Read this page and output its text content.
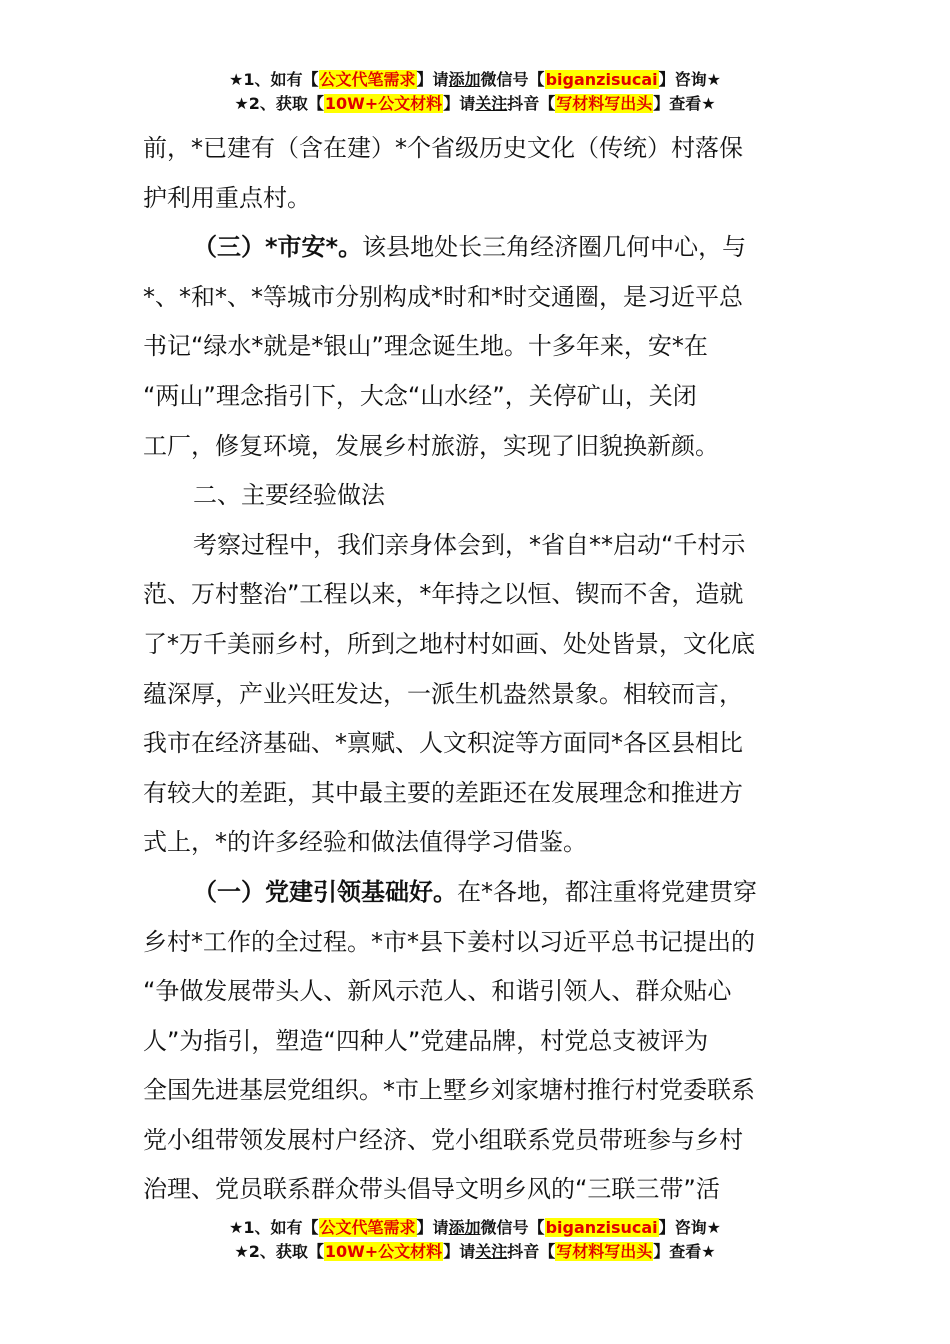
★1、如有【公文代笔需求】请添加微信号【biganzisucai】咨询★
★2、获取【10W+公文材料】请关注抖音【写材料写出头】查看★
前，*已建有（含在建）*个省级历史文化（传统）村落保
护利用重点村。
（三）*市安*。该县地处长三角经济圈几何中心，与
*、*和*、*等城市分别构成*时和*时交通圈，是习近平总
书记“绿水*就是*银山”理念诞生地。十多年来，安*在
“两山”理念指引下，大念“山水经”，关停矿山，关闭
工厂，修复环境，发展乡村旅游，实现了旧貌换新颜。
二、主要经验做法
考察过程中，我们亲身体会到，*省自**启动“千村示
范、万村整治”工程以来，*年持之以恒、锲而不舍，造就
了*万千美丽乡村，所到之地村村如画、处处皆景，文化底
蕴深厚，产业兴旺发达，一派生机盎然景象。相较而言，
我市在经济基础、*禀赋、人文积淀等方面同*各区县相比
有较大的差距，其中最主要的差距还在发展理念和推进方
式上，*的许多经验和做法值得学习借鉴。
（一）党建引领基础好。在*各地，都注重将党建贯穿
乡村*工作的全过程。*市*县下姜村以习近平总书记提出的
“争做发展带头人、新风示范人、和谐引领人、群众贴心
人”为指引，塑造“四种人”党建品牌，村党总支被评为
全国先进基层党组织。*市上墅乡刘家塘村推行村党委联系
党小组带领发展村户经济、党小组联系党员带班参与乡村
治理、党员联系群众带头倡导文明乡风的“三联三带”活
★1、如有【公文代笔需求】请添加微信号【biganzisucai】咨询★
★2、获取【10W+公文材料】请关注抖音【写材料写出头】查看★
